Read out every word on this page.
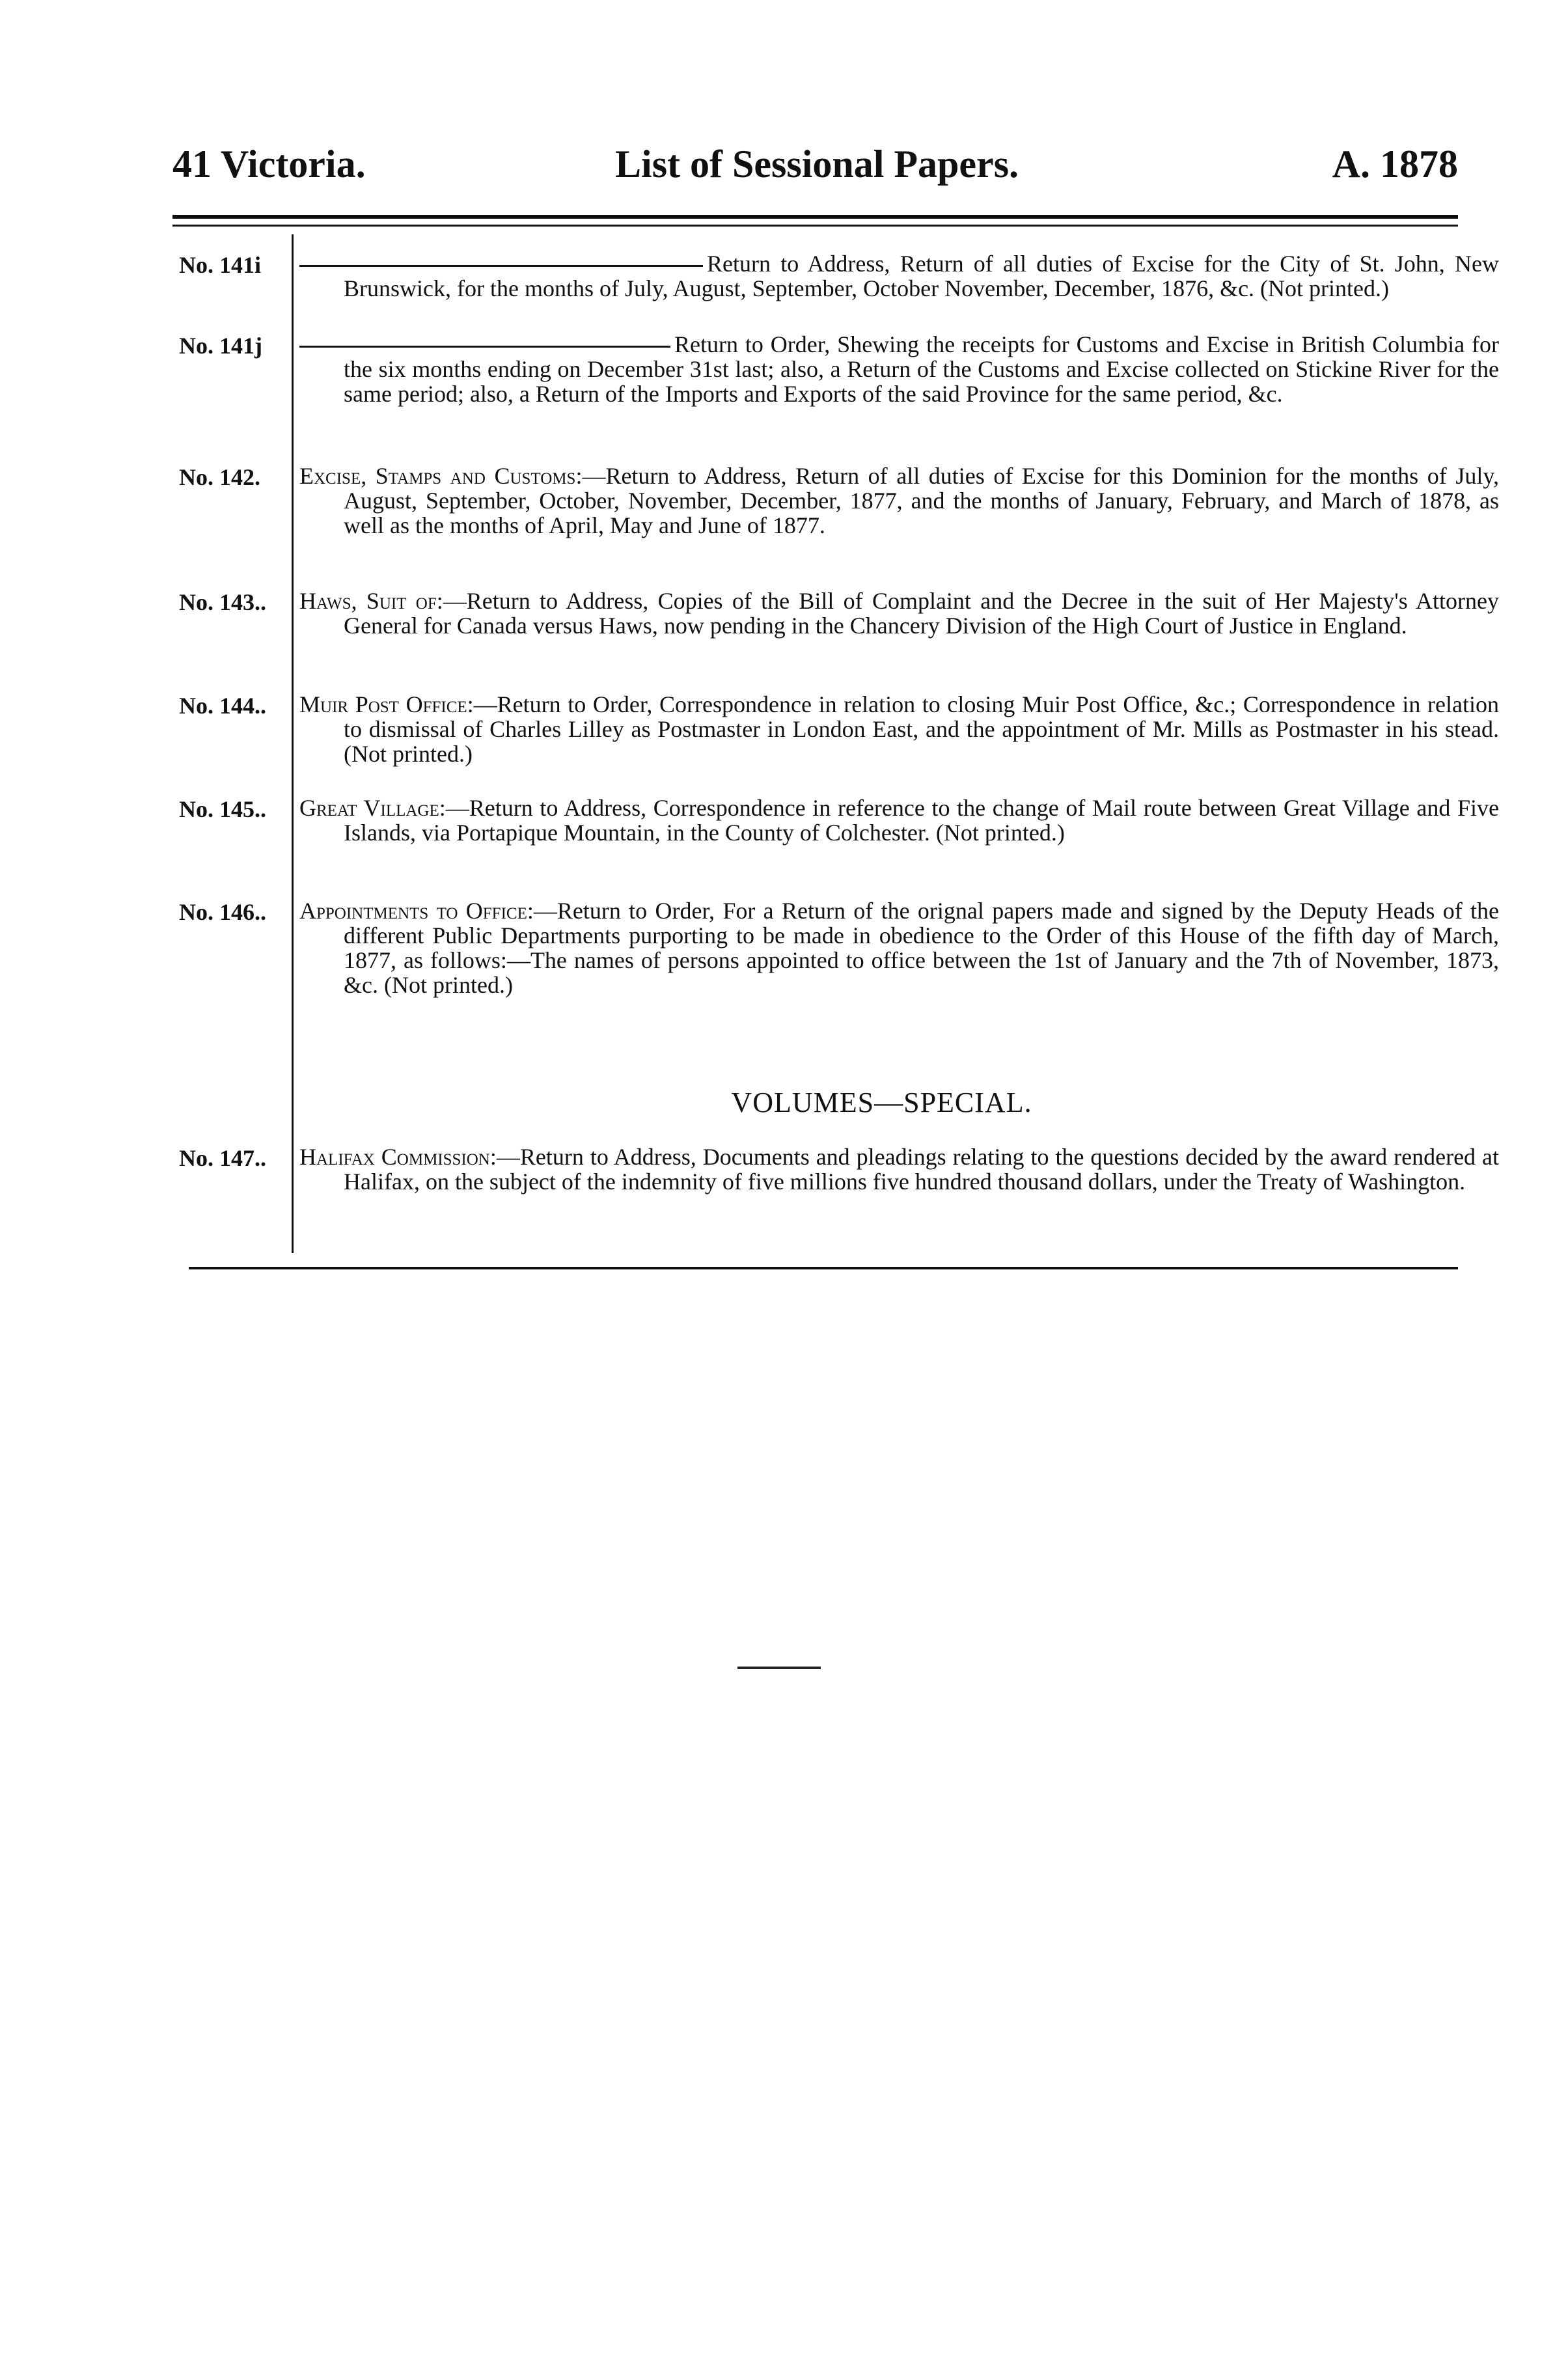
41 Victoria.	List of Sessional Papers.	A. 1878
No. 141i	Return to Address, Return of all duties of Excise for the City of St. John, New Brunswick, for the months of July, August, September, October November, December, 1876, &c. (Not printed.)
No. 141j	Return to Order, Shewing the receipts for Customs and Excise in British Columbia for the six months ending on December 31st last; also, a Return of the Customs and Excise collected on Stickine River for the same period; also, a Return of the Imports and Exports of the said Province for the same period, &c.
No. 142. Excise, Stamps and Customs:—Return to Address, Return of all duties of Excise for this Dominion for the months of July, August, September, October, November, December, 1877, and the months of January, February, and March of 1878, as well as the months of April, May and June of 1877.
No. 143.. Haws, Suit of:—Return to Address, Copies of the Bill of Complaint and the Decree in the suit of Her Majesty's Attorney General for Canada versus Haws, now pending in the Chancery Division of the High Court of Justice in England.
No. 144.. Muir Post Office:—Return to Order, Correspondence in relation to closing Muir Post Office, &c.; Correspondence in relation to dismissal of Charles Lilley as Postmaster in London East, and the appointment of Mr. Mills as Postmaster in his stead. (Not printed.)
No. 145.. Great Village:—Return to Address, Correspondence in reference to the change of Mail route between Great Village and Five Islands, via Portapique Mountain, in the County of Colchester. (Not printed.)
No. 146.. Appointments to Office:—Return to Order, For a Return of the orignal papers made and signed by the Deputy Heads of the different Public Departments purporting to be made in obedience to the Order of this House of the fifth day of March, 1877, as follows:—The names of persons appointed to office between the 1st of January and the 7th of November, 1873, &c. (Not printed.)
VOLUMES—SPECIAL.
No. 147.. Halifax Commission:—Return to Address, Documents and pleadings relating to the questions decided by the award rendered at Halifax, on the subject of the indemnity of five millions five hundred thousand dollars, under the Treaty of Washington.
